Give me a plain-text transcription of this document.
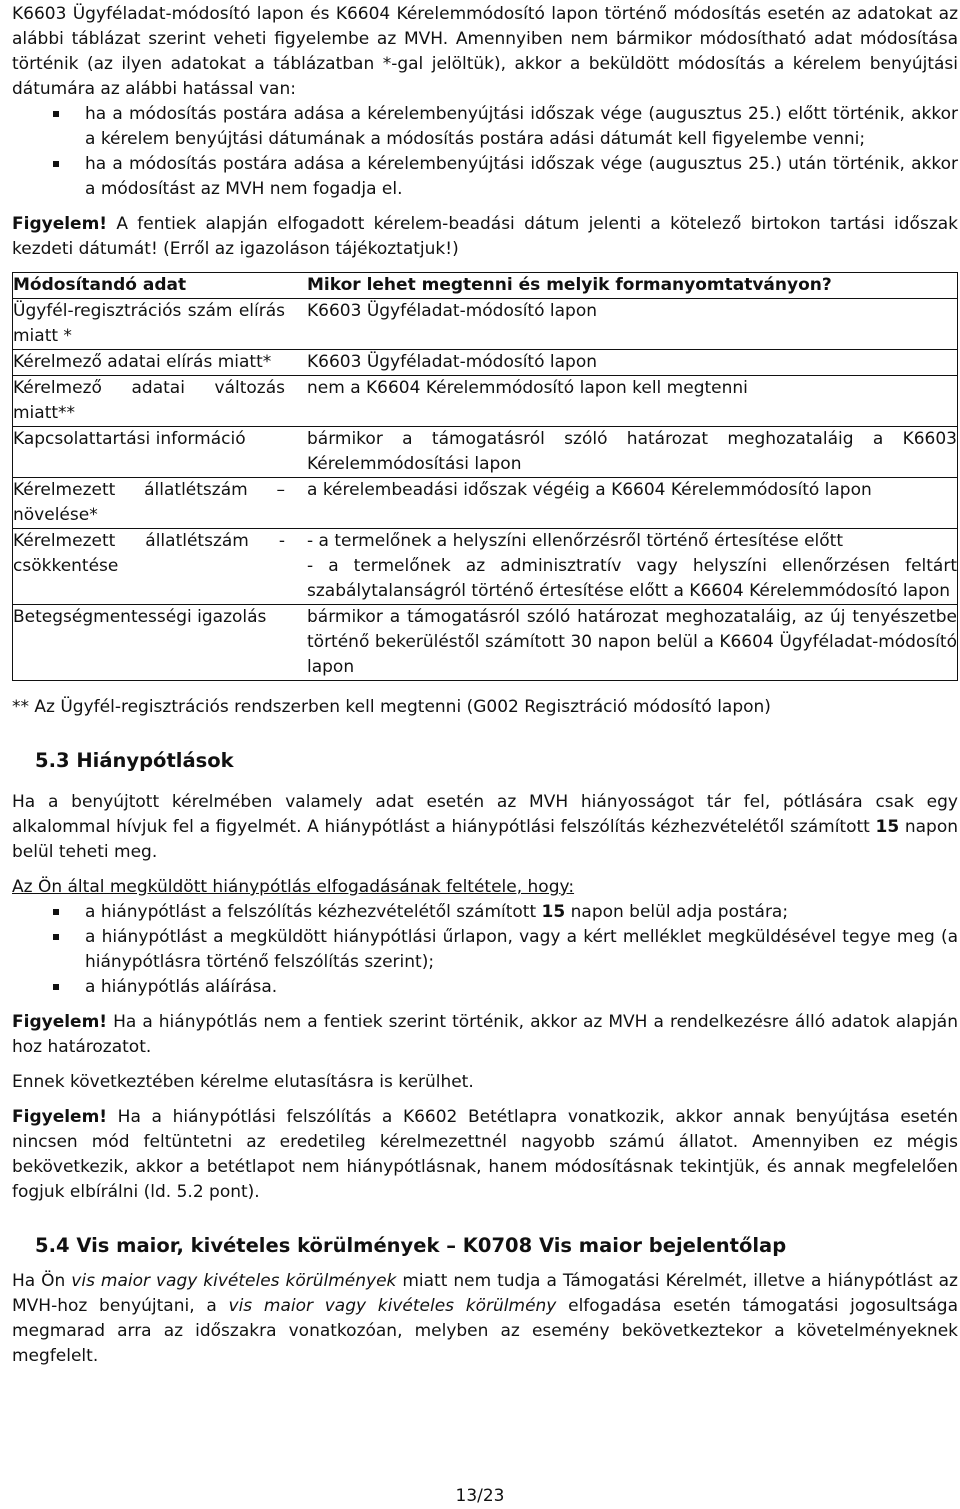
K6603 Ügyféladat-módosító lapon és K6604 Kérelemmódosító lapon történő módosítás esetén az adatokat az alábbi táblázat szerint veheti figyelembe az MVH. Amennyiben nem bármikor módosítható adat módosítása történik (az ilyen adatokat a táblázatban *-gal jelöltük), akkor a beküldött módosítás a kérelem benyújtási dátumára az alábbi hatással van:

ha a módosítás postára adása a kérelembenyújtási időszak vége (augusztus 25.) előtt történik, akkor a kérelem benyújtási dátumának a módosítás postára adási dátumát kell figyelembe venni;
ha a módosítás postára adása a kérelembenyújtási időszak vége (augusztus 25.) után történik, akkor a módosítást az MVH nem fogadja el.

Figyelem! A fentiek alapján elfogadott kérelem-beadási dátum jelenti a kötelező birtokon tartási időszak kezdeti dátumát! (Erről az igazoláson tájékoztatjuk!)

Módosítandó adat	Mikor lehet megtenni és melyik formanyomtatványon?
Ügyfél-regisztrációs szám elírás miatt *	K6603 Ügyféladat-módosító lapon
Kérelmező adatai elírás miatt*	K6603 Ügyféladat-módosító lapon
Kérelmező adatai változás miatt**	nem a K6604 Kérelemmódosító lapon kell megtenni
Kapcsolattartási információ	bármikor a támogatásról szóló határozat meghozataláig a K6603 Kérelemmódosítási lapon
Kérelmezett állatlétszám – növelése*	a kérelembeadási időszak végéig a K6604 Kérelemmódosító lapon
Kérelmezett állatlétszám - csökkentése	- a termelőnek a helyszíni ellenőrzésről történő értesítése előtt
- a termelőnek az adminisztratív vagy helyszíni ellenőrzésen feltárt szabálytalanságról történő értesítése előtt a K6604 Kérelemmódosító lapon

Betegségmentességi igazolás	bármikor a támogatásról szóló határozat meghozataláig, az új tenyészetbe történő bekerüléstől számított 30 napon belül a K6604 Ügyféladat-módosító lapon

** Az Ügyfél-regisztrációs rendszerben kell megtenni (G002 Regisztráció módosító lapon)

5.3 Hiánypótlások

Ha a benyújtott kérelmében valamely adat esetén az MVH hiányosságot tár fel, pótlására csak egy alkalommal hívjuk fel a figyelmét. A hiánypótlást a hiánypótlási felszólítás kézhezvételétől számított 15 napon belül teheti meg.

Az Ön által megküldött hiánypótlás elfogadásának feltétele, hogy:

a hiánypótlást a felszólítás kézhezvételétől számított 15 napon belül adja postára;
a hiánypótlást a megküldött hiánypótlási űrlapon, vagy a kért melléklet megküldésével tegye meg (a hiánypótlásra történő felszólítás szerint);
a hiánypótlás aláírása.

Figyelem! Ha a hiánypótlás nem a fentiek szerint történik, akkor az MVH a rendelkezésre álló adatok alapján hoz határozatot.

Ennek következtében kérelme elutasításra is kerülhet.

Figyelem! Ha a hiánypótlási felszólítás a K6602 Betétlapra vonatkozik, akkor annak benyújtása esetén nincsen mód feltüntetni az eredetileg kérelmezettnél nagyobb számú állatot. Amennyiben ez mégis bekövetkezik, akkor a betétlapot nem hiánypótlásnak, hanem módosításnak tekintjük, és annak megfelelően fogjuk elbírálni (ld. 5.2 pont).

5.4 Vis maior, kivételes körülmények – K0708 Vis maior bejelentőlap

Ha Ön vis maior vagy kivételes körülmények miatt nem tudja a Támogatási Kérelmét, illetve a hiánypótlást az MVH-hoz benyújtani, a vis maior vagy kivételes körülmény elfogadása esetén támogatási jogosultsága megmarad arra az időszakra vonatkozóan, melyben az esemény bekövetkeztekor a követelményeknek megfelelt.

13/23
